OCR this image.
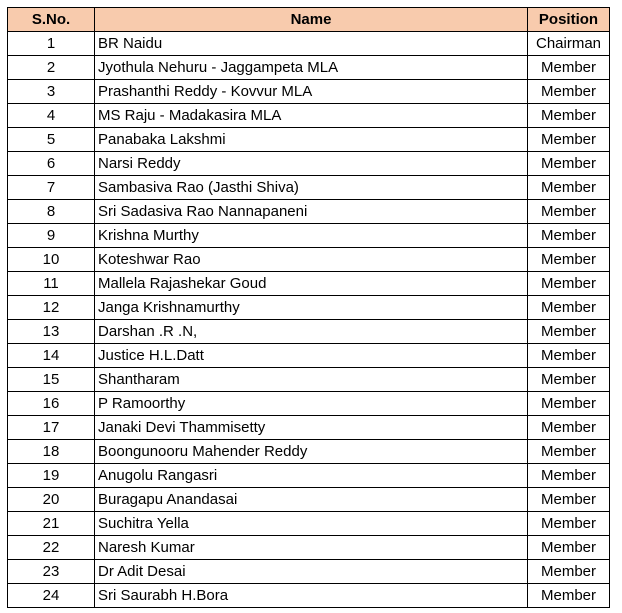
S.No.	Name	Position
1	BR Naidu	Chairman
2	Jyothula Nehuru - Jaggampeta MLA	Member
3	Prashanthi Reddy - Kovvur MLA	Member
4	MS Raju - Madakasira MLA	Member
5	Panabaka Lakshmi	Member
6	Narsi Reddy	Member
7	Sambasiva Rao (Jasthi Shiva)	Member
8	Sri Sadasiva Rao Nannapaneni	Member
9	Krishna Murthy	Member
10	Koteshwar Rao	Member
11	Mallela Rajashekar Goud	Member
12	Janga Krishnamurthy	Member
13	Darshan .R .N,	Member
14	Justice H.L.Datt	Member
15	Shantharam	Member
16	P Ramoorthy	Member
17	Janaki Devi Thammisetty	Member
18	Boongunooru Mahender Reddy	Member
19	Anugolu Rangasri	Member
20	Buragapu Anandasai	Member
21	Suchitra Yella	Member
22	Naresh Kumar	Member
23	Dr Adit Desai	Member
24	Sri Saurabh H.Bora	Member
